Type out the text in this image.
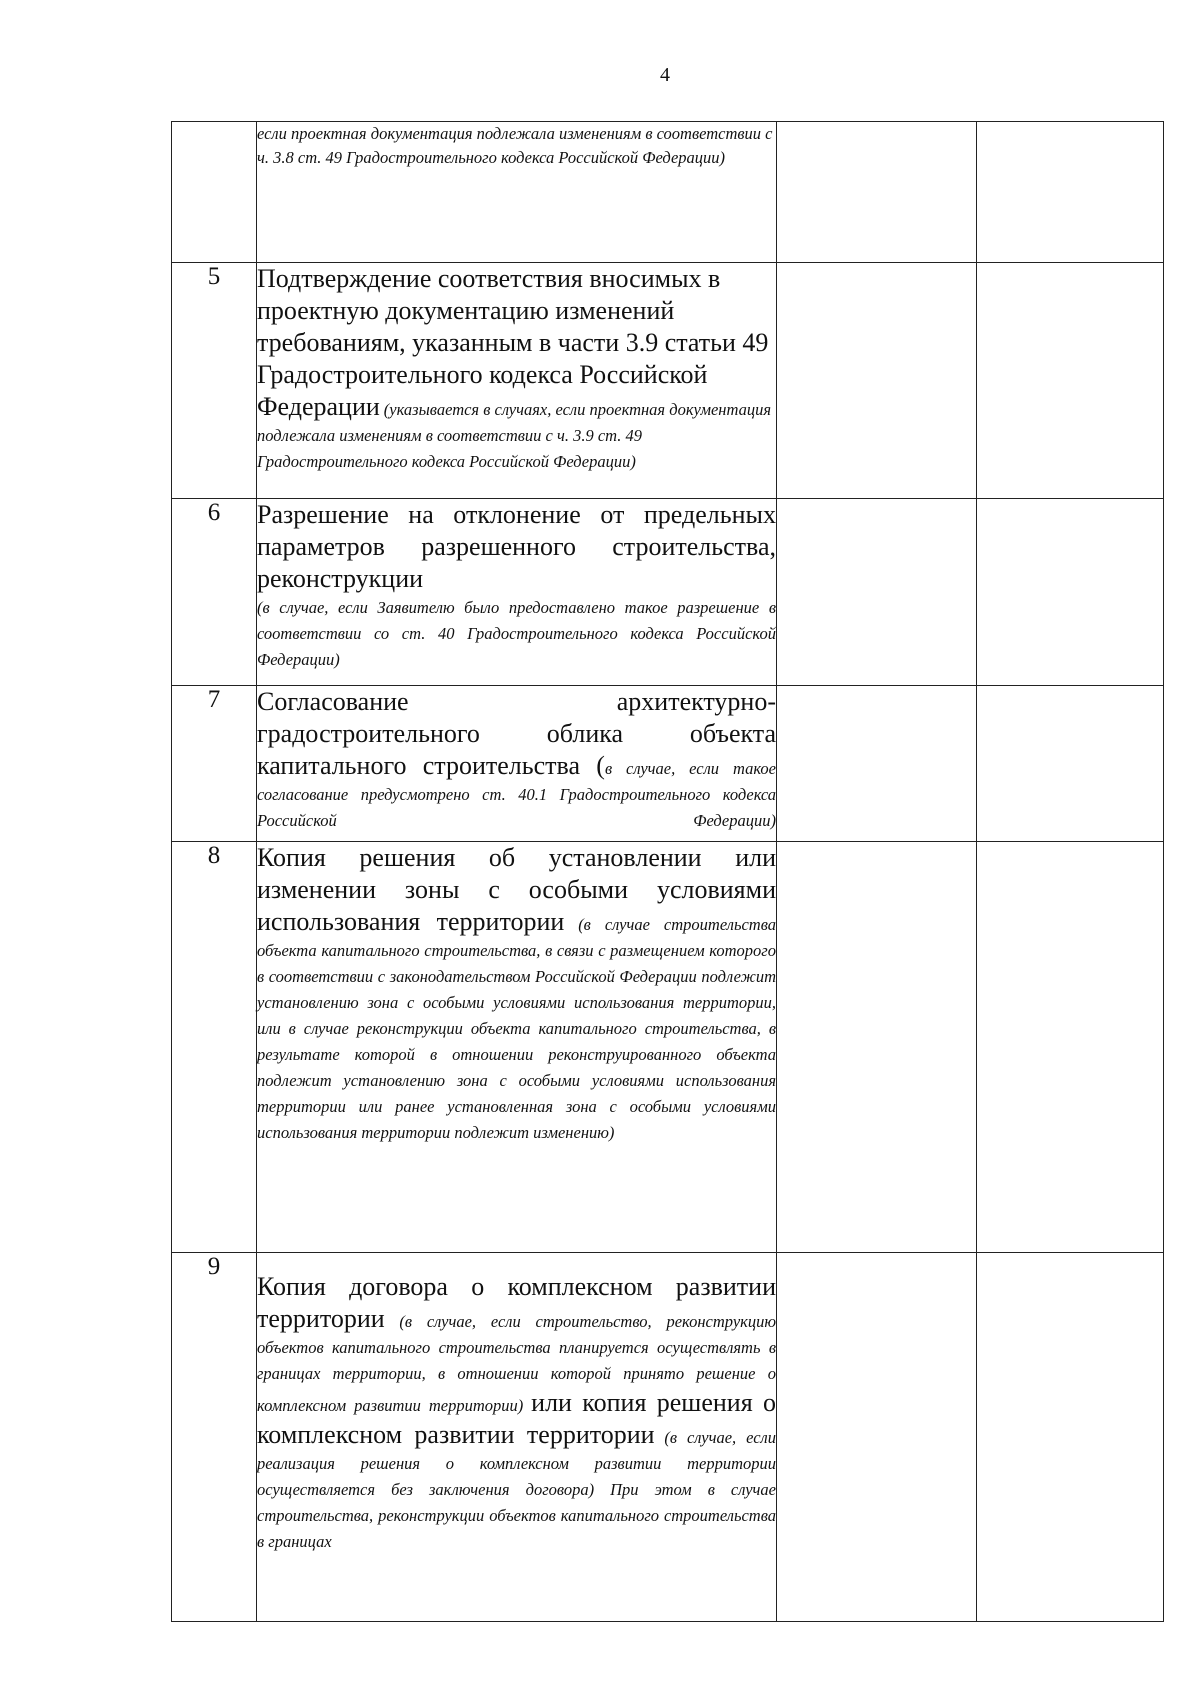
4
	если проектная документация подлежала изменениям в соответствии с ч. 3.8 ст. 49 Градостроительного кодекса Российской Федерации)		
5	Подтверждение соответствия вносимых в проектную документацию изменений требованиям, указанным в части 3.9 статьи 49 Градостроительного кодекса Российской Федерации (указывается в случаях, если проектная документация подлежала изменениям в соответствии с ч. 3.9 ст. 49 Градостроительного кодекса Российской Федерации)		
6	Разрешение на отклонение от предельных параметров разрешенного строительства, реконструкции
(в случае, если Заявителю было предоставлено такое разрешение в соответствии со ст. 40 Градостроительного кодекса Российской Федерации)		

7	Согласование архитектурно-градостроительного облика объекта капитального строительства (в случае, если такое согласование предусмотрено ст. 40.1 Градостроительного кодекса Российской Федерации)		

8	Копия решения об установлении или изменении зоны с особыми условиями использования территории (в случае строительства объекта капитального строительства, в связи с размещением которого в соответствии с законодательством Российской Федерации подлежит установлению зона с особыми условиями использования территории, или в случае реконструкции объекта капитального строительства, в результате которой в отношении реконструированного объекта подлежит установлению зона с особыми условиями использования территории или ранее установленная зона с особыми условиями использования территории подлежит изменению)		
9	Копия договора о комплексном развитии территории (в случае, если строительство, реконструкцию объектов капитального строительства планируется осуществлять в границах территории, в отношении которой принято решение о комплексном развитии территории) или копия решения о комплексном развитии территории (в случае, если реализация решения о комплексном развитии территории осуществляется без заключения договора) При этом в случае строительства, реконструкции объектов капитального строительства в границах		
